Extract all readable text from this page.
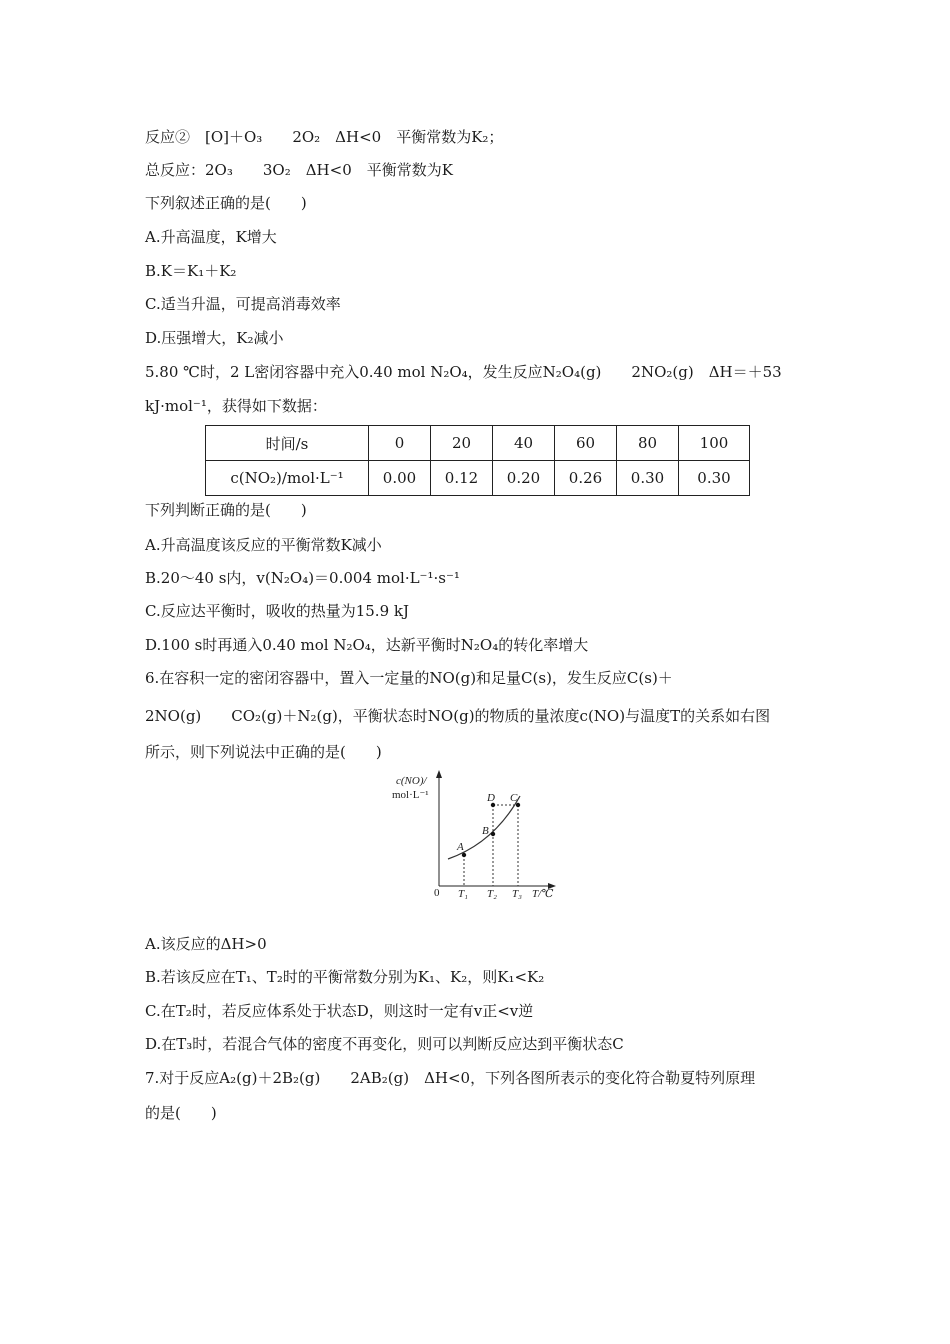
反应②　[O]＋O₃　　2O₂　ΔH<0　平衡常数为K₂；
总反应：2O₃　　3O₂　ΔH<0　平衡常数为K
下列叙述正确的是(　　)
A.升高温度，K增大
B.K＝K₁＋K₂
C.适当升温，可提高消毒效率
D.压强增大，K₂减小
5.80 ℃时，2 L密闭容器中充入0.40 mol N₂O₄，发生反应N₂O₄(g)　　2NO₂(g)　ΔH＝＋53
kJ·mol⁻¹，获得如下数据：
时间/s	0	20	40	60	80	100
c(NO₂)/mol·L⁻¹	0.00	0.12	0.20	0.26	0.30	0.30
下列判断正确的是(　　)
A.升高温度该反应的平衡常数K减小
B.20～40 s内，v(N₂O₄)＝0.004 mol·L⁻¹·s⁻¹
C.反应达平衡时，吸收的热量为15.9 kJ
D.100 s时再通入0.40 mol N₂O₄，达新平衡时N₂O₄的转化率增大
6.在容积一定的密闭容器中，置入一定量的NO(g)和足量C(s)，发生反应C(s)＋
2NO(g)　　CO₂(g)＋N₂(g)，平衡状态时NO(g)的物质的量浓度c(NO)与温度T的关系如右图
所示，则下列说法中正确的是(　　)
c(NO)/
mol·L⁻¹
A
B
D C
0 T₁ T₂ T₃ T/℃
A.该反应的ΔH>0
B.若该反应在T₁、T₂时的平衡常数分别为K₁、K₂，则K₁<K₂
C.在T₂时，若反应体系处于状态D，则这时一定有v正<v逆
D.在T₃时，若混合气体的密度不再变化，则可以判断反应达到平衡状态C
7.对于反应A₂(g)＋2B₂(g)　　2AB₂(g)　ΔH<0，下列各图所表示的变化符合勒夏特列原理
的是(　　)
